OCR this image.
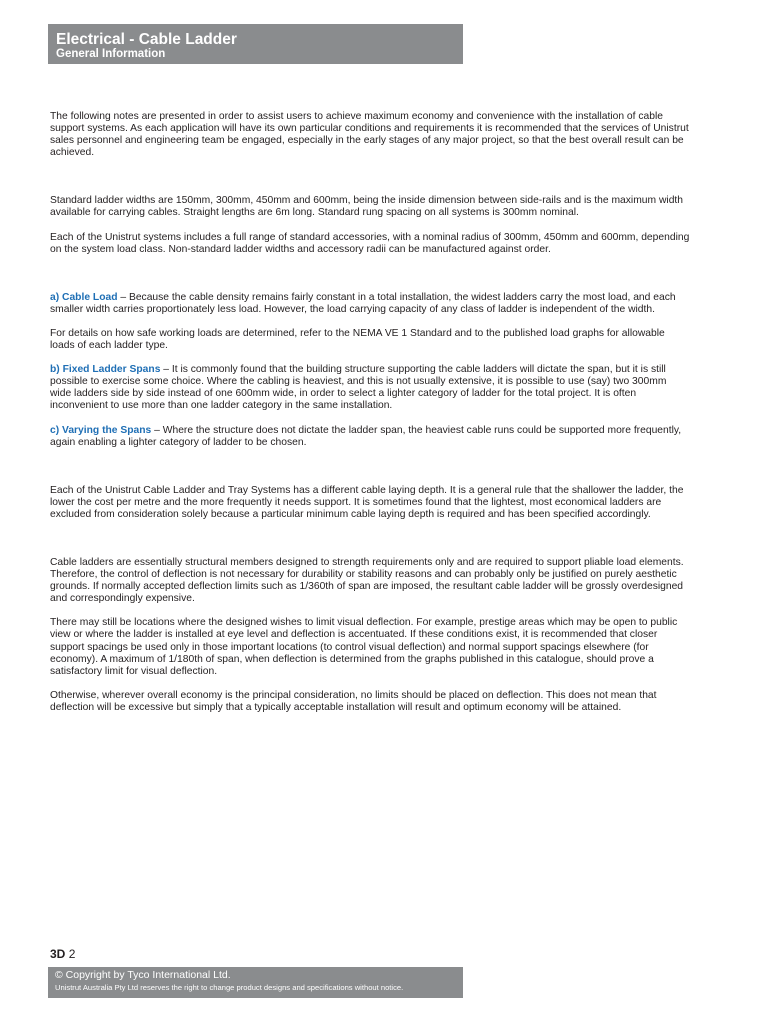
Electrical - Cable Ladder
General Information

The following notes are presented in order to assist users to achieve maximum economy and convenience with the installation of cable support systems. As each application will have its own particular conditions and requirements it is recommended that the services of Unistrut sales personnel and engineering team be engaged, especially in the early stages of any major project, so that the best overall result can be achieved.

Standard ladder widths are 150mm, 300mm, 450mm and 600mm, being the inside dimension between side-rails and is the maximum width available for carrying cables. Straight lengths are 6m long. Standard rung spacing on all systems is 300mm nominal.

Each of the Unistrut systems includes a full range of standard accessories, with a nominal radius of 300mm, 450mm and 600mm, depending on the system load class. Non-standard ladder widths and accessory radii can be manufactured against order.

a) Cable Load – Because the cable density remains fairly constant in a total installation, the widest ladders carry the most load, and each smaller width carries proportionately less load. However, the load carrying capacity of any class of ladder is independent of the width.

For details on how safe working loads are determined, refer to the NEMA VE 1 Standard and to the published load graphs for allowable loads of each ladder type.

b) Fixed Ladder Spans – It is commonly found that the building structure supporting the cable ladders will dictate the span, but it is still possible to exercise some choice. Where the cabling is heaviest, and this is not usually extensive, it is possible to use (say) two 300mm wide ladders side by side instead of one 600mm wide, in order to select a lighter category of ladder for the total project. It is often inconvenient to use more than one ladder category in the same installation.

c) Varying the Spans – Where the structure does not dictate the ladder span, the heaviest cable runs could be supported more frequently, again enabling a lighter category of ladder to be chosen.

Each of the Unistrut Cable Ladder and Tray Systems has a different cable laying depth. It is a general rule that the shallower the ladder, the lower the cost per metre and the more frequently it needs support. It is sometimes found that the lightest, most economical ladders are excluded from consideration solely because a particular minimum cable laying depth is required and has been specified accordingly.

Cable ladders are essentially structural members designed to strength requirements only and are required to support pliable load elements. Therefore, the control of deflection is not necessary for durability or stability reasons and can probably only be justified on purely aesthetic grounds. If normally accepted deflection limits such as 1/360th of span are imposed, the resultant cable ladder will be grossly overdesigned and correspondingly expensive.

There may still be locations where the designed wishes to limit visual deflection. For example, prestige areas which may be open to public view or where the ladder is installed at eye level and deflection is accentuated. If these conditions exist, it is recommended that closer support spacings be used only in those important locations (to control visual deflection) and normal support spacings elsewhere (for economy). A maximum of 1/180th of span, when deflection is determined from the graphs published in this catalogue, should prove a satisfactory limit for visual deflection.

Otherwise, wherever overall economy is the principal consideration, no limits should be placed on deflection. This does not mean that deflection will be excessive but simply that a typically acceptable installation will result and optimum economy will be attained.

3D 2
© Copyright by Tyco International Ltd.
Unistrut Australia Pty Ltd reserves the right to change product designs and specifications without notice.
